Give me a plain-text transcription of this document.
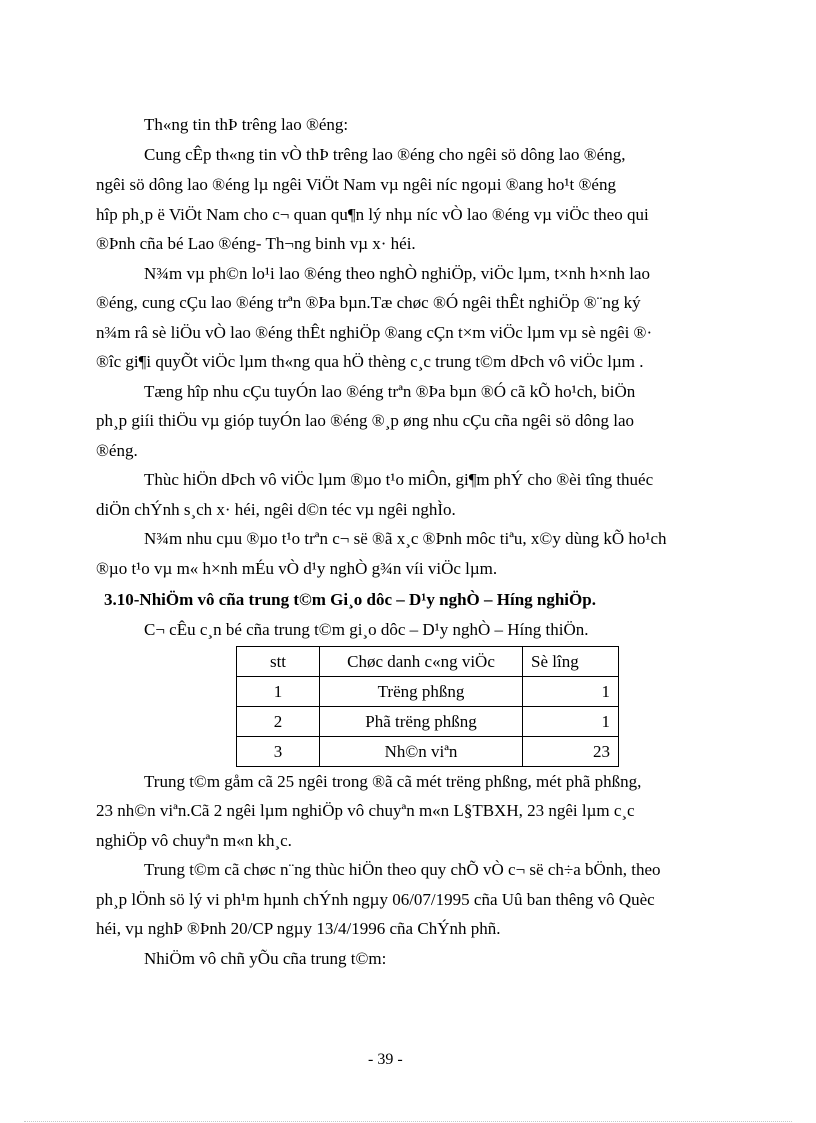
Th«ng tin thÞ trêng lao ®éng:
Cung cÊp th«ng tin vÒ thÞ trêng lao ®éng cho ngêi sö dông lao ®éng,
ngêi sö dông lao ®éng lµ ngêi ViÖt Nam vµ ngêi níc ngoµi ®ang ho¹t ®éng
hîp ph¸p ë ViÖt Nam cho c¬ quan qu¶n lý nhµ níc vÒ lao ®éng vµ viÖc theo qui
®Þnh cña bé Lao ®éng- Th¬ng binh vµ x· héi.
N¾m vµ ph©n lo¹i lao ®éng theo nghÒ nghiÖp, viÖc lµm, t×nh h×nh lao
®éng, cung cÇu lao ®éng trªn ®Þa bµn.Tæ chøc ®Ó ngêi thÊt nghiÖp ®¨ng ký
n¾m râ sè liÖu vÒ lao ®éng thÊt nghiÖp ®ang cÇn t×m viÖc lµm vµ sè ngêi ®·
®îc gi¶i quyÕt viÖc lµm th«ng qua hÖ thèng c¸c trung t©m dÞch vô viÖc lµm .
Tæng hîp nhu cÇu tuyÓn lao ®éng trªn ®Þa bµn ®Ó cã kÕ ho¹ch, biÖn
ph¸p giíi thiÖu vµ gióp tuyÓn lao ®éng ®¸p øng nhu cÇu cña ngêi sö dông lao
®éng.
Thùc hiÖn dÞch vô viÖc lµm ®µo t¹o miÔn, gi¶m phÝ cho ®èi tîng thuéc
diÖn chÝnh s¸ch x· héi, ngêi d©n téc vµ ngêi nghÌo.
N¾m nhu cµu ®µo t¹o trªn c¬ së ®ã x¸c ®Þnh môc tiªu, x©y dùng kÕ ho¹ch
®µo t¹o vµ m« h×nh mÉu vÒ d¹y nghÒ g¾n víi viÖc lµm.
3.10-NhiÖm vô cña trung t©m Gi¸o dôc – D¹y nghÒ – Híng nghiÖp.
C¬ cÊu c¸n bé cña trung t©m gi¸o dôc – D¹y nghÒ – Híng thiÖn.
stt	Chøc danh c«ng viÖc	Sè lîng
1	Trëng phßng	1
2	Phã trëng phßng	1
3	Nh©n viªn	23
Trung t©m gåm cã 25 ngêi trong ®ã cã mét trëng phßng, mét phã phßng,
23 nh©n viªn.Cã 2 ngêi lµm nghiÖp vô chuyªn m«n L§TBXH, 23 ngêi lµm c¸c
nghiÖp vô chuyªn m«n kh¸c.
Trung t©m cã chøc n¨ng thùc hiÖn theo quy chÕ vÒ c¬ së ch÷a bÖnh, theo
ph¸p lÖnh sö lý vi ph¹m hµnh chÝnh ngµy 06/07/1995 cña Uû ban thêng vô Quèc
héi, vµ nghÞ ®Þnh 20/CP ngµy 13/4/1996 cña ChÝnh phñ.
NhiÖm vô chñ yÕu cña trung t©m:
- 39 -
